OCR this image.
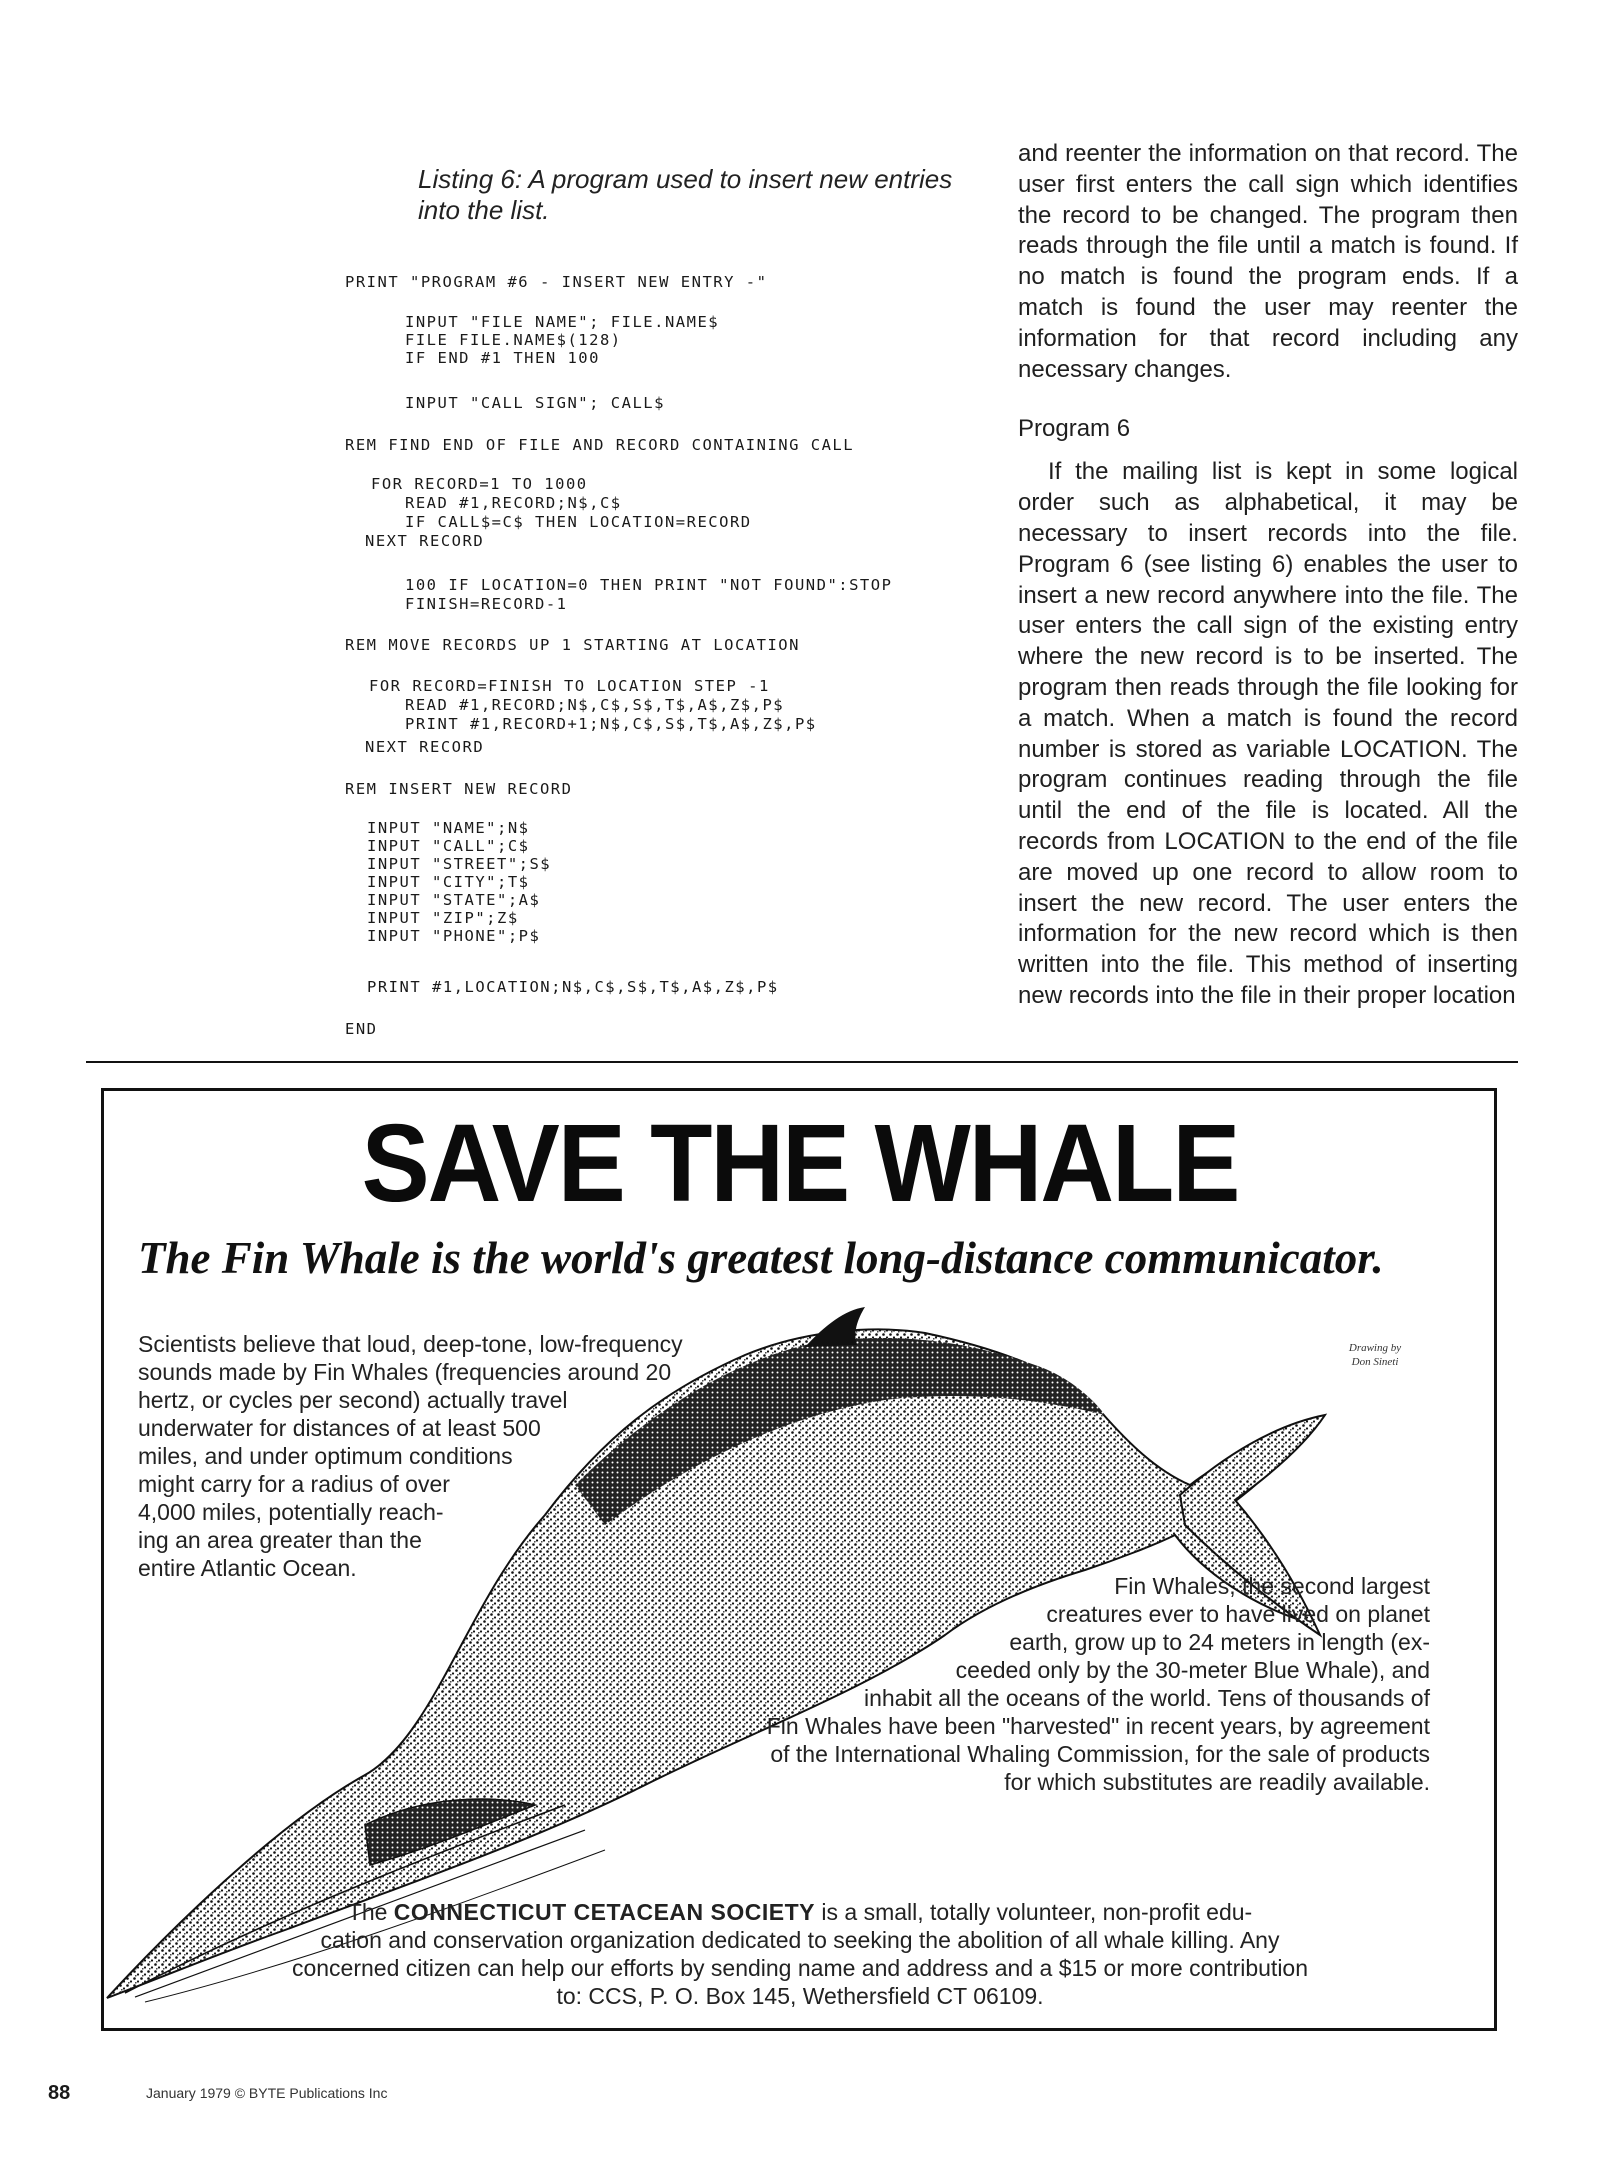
Listing 6: A program used to insert new entries into the list.
PRINT "PROGRAM #6 - INSERT NEW ENTRY -"
INPUT "FILE NAME"; FILE.NAME$
FILE FILE.NAME$(128)
IF END #1 THEN 100
INPUT "CALL SIGN"; CALL$
REM FIND END OF FILE AND RECORD CONTAINING CALL
FOR RECORD=1 TO 1000
READ #1,RECORD;N$,C$
IF CALL$=C$ THEN LOCATION=RECORD
NEXT RECORD
100 IF LOCATION=0 THEN PRINT "NOT FOUND":STOP
FINISH=RECORD-1
REM MOVE RECORDS UP 1 STARTING AT LOCATION
FOR RECORD=FINISH TO LOCATION STEP -1
READ #1,RECORD;N$,C$,S$,T$,A$,Z$,P$
PRINT #1,RECORD+1;N$,C$,S$,T$,A$,Z$,P$
NEXT RECORD
REM INSERT NEW RECORD
INPUT "NAME";N$
INPUT "CALL";C$
INPUT "STREET";S$
INPUT "CITY";T$
INPUT "STATE";A$
INPUT "ZIP";Z$
INPUT "PHONE";P$
PRINT #1,LOCATION;N$,C$,S$,T$,A$,Z$,P$
END

and reenter the information on that record. The user first enters the call sign which identifies the record to be changed. The program then reads through the file until a match is found. If no match is found the program ends. If a match is found the user may reenter the information for that record including any necessary changes.

Program 6

If the mailing list is kept in some logical order such as alphabetical, it may be necessary to insert records into the file. Program 6 (see listing 6) enables the user to insert a new record anywhere into the file. The user enters the call sign of the existing entry where the new record is to be inserted. The program then reads through the file looking for a match. When a match is found the record number is stored as variable LOCATION. The program continues reading through the file until the end of the file is located. All the records from LOCATION to the end of the file are moved up one record to allow room to insert the new record. The user enters the information for the new record which is then written into the file. This method of inserting new records into the file in their proper location

SAVE THE WHALE
The Fin Whale is the world's greatest long-distance communicator.
Drawing by
Don Sineti
Scientists believe that loud, deep-tone, low-frequency
sounds made by Fin Whales (frequencies around 20
hertz, or cycles per second) actually travel
underwater for distances of at least 500
miles, and under optimum conditions
might carry for a radius of over
4,000 miles, potentially reach-
ing an area greater than the
entire Atlantic Ocean.
Fin Whales, the second largest
creatures ever to have lived on planet
earth, grow up to 24 meters in length (ex-
ceeded only by the 30-meter Blue Whale), and
inhabit all the oceans of the world. Tens of thousands of
Fin Whales have been "harvested" in recent years, by agreement
of the International Whaling Commission, for the sale of products
for which substitutes are readily available.
The CONNECTICUT CETACEAN SOCIETY is a small, totally volunteer, non-profit edu-
cation and conservation organization dedicated to seeking the abolition of all whale killing. Any
concerned citizen can help our efforts by sending name and address and a $15 or more contribution
to: CCS, P. O. Box 145, Wethersfield CT 06109.
88	January 1979 © BYTE Publications Inc
